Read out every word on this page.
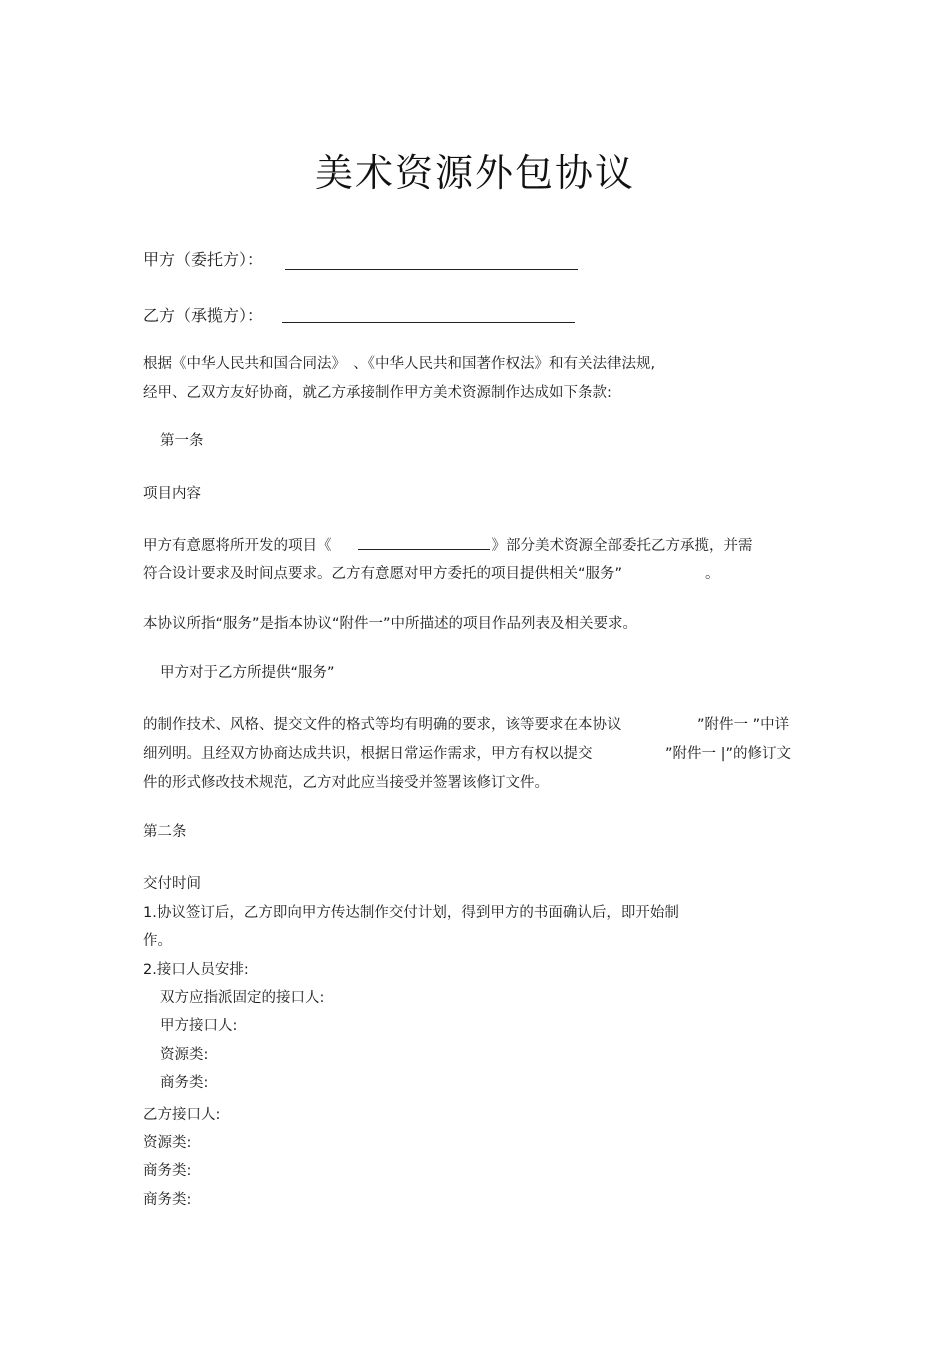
美术资源外包协议
甲方（委托方）：
乙方（承揽方）：
根据《中华人民共和国合同法》　、《中华人民共和国著作权法》和有关法律法规,
经甲、乙双方友好协商，就乙方承接制作甲方美术资源制作达成如下条款:
第一条
项目内容
甲方有意愿将所开发的项目《	》部分美术资源全部委托乙方承揽，并需
符合设计要求及时间点要求。乙方有意愿对甲方委托的项目提供相关“服务”	。
本协议所指“服务”是指本协议“附件一”中所描述的项目作品列表及相关要求。
甲方对于乙方所提供“服务”
的制作技术、风格、提交文件的格式等均有明确的要求，该等要求在本协议	”附件一 ”中详
细列明。且经双方协商达成共识，根据日常运作需求，甲方有权以提交	”附件一 |”的修订文
件的形式修改技术规范，乙方对此应当接受并签署该修订文件。
第二条
交付时间
1.协议签订后，乙方即向甲方传达制作交付计划，得到甲方的书面确认后，即开始制
作。
2.接口人员安排:
双方应指派固定的接口人:
甲方接口人:
资源类:
商务类:
乙方接口人:
资源类:
商务类:
商务类:
